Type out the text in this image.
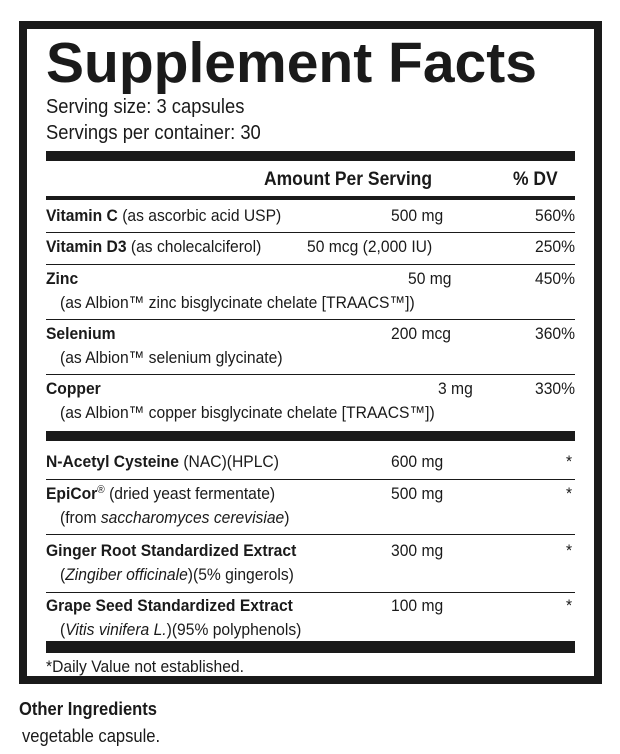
Supplement Facts
Serving size: 3 capsules
Servings per container: 30
Amount Per Serving	% DV
Vitamin C (as ascorbic acid USP)	500 mg	560%
Vitamin D3 (as cholecalciferol)	50 mcg (2,000 IU)	250%
Zinc	50 mg	450%
(as Albion™ zinc bisglycinate chelate [TRAACS™])
Selenium	200 mcg	360%
(as Albion™ selenium glycinate)
Copper	3 mg	330%
(as Albion™ copper bisglycinate chelate [TRAACS™])
N-Acetyl Cysteine (NAC)(HPLC)	600 mg	*
EpiCor® (dried yeast fermentate)	500 mg	*
(from saccharomyces cerevisiae)
Ginger Root Standardized Extract	300 mg	*
(Zingiber officinale)(5% gingerols)
Grape Seed Standardized Extract	100 mg	*
(Vitis vinifera L.)(95% polyphenols)
*Daily Value not established.
Other Ingredients
vegetable capsule.
